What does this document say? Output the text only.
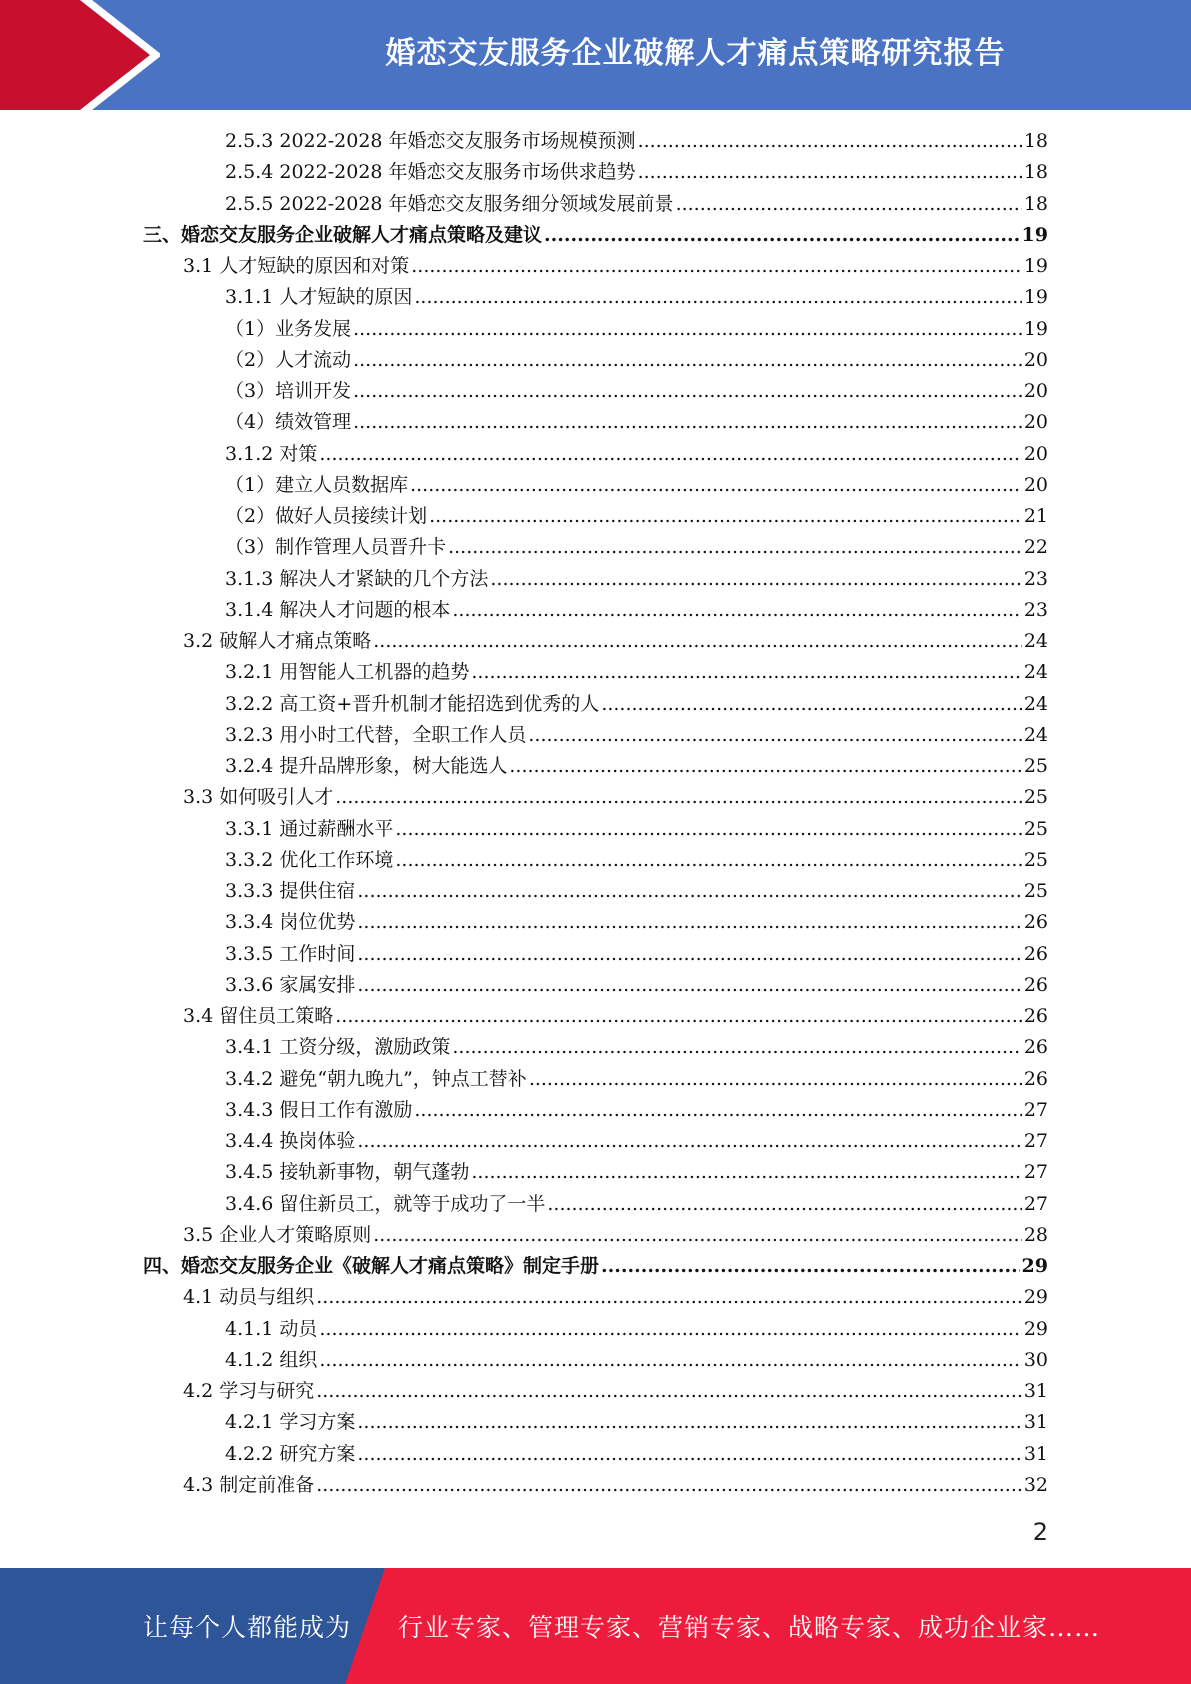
婚恋交友服务企业破解人才痛点策略研究报告
2.5.3 2022-2028 年婚恋交友服务市场规模预测 .....	18
2.5.4 2022-2028 年婚恋交友服务市场供求趋势 .....	18
2.5.5 2022-2028 年婚恋交友服务细分领域发展前景 .....	18
三、婚恋交友服务企业破解人才痛点策略及建议 .....	19
3.1 人才短缺的原因和对策 .....	19
3.1.1 人才短缺的原因 .....	19
（1）业务发展 .....	19
（2）人才流动 .....	20
（3）培训开发 .....	20
（4）绩效管理 .....	20
3.1.2 对策 .....	20
（1）建立人员数据库 .....	20
（2）做好人员接续计划 .....	21
（3）制作管理人员晋升卡 .....	22
3.1.3 解决人才紧缺的几个方法 .....	23
3.1.4 解决人才问题的根本 .....	23
3.2 破解人才痛点策略 .....	24
3.2.1 用智能人工机器的趋势 .....	24
3.2.2 高工资+晋升机制才能招选到优秀的人 .....	24
3.2.3 用小时工代替，全职工作人员 .....	24
3.2.4 提升品牌形象，树大能选人 .....	25
3.3 如何吸引人才 .....	25
3.3.1 通过薪酬水平 .....	25
3.3.2 优化工作环境 .....	25
3.3.3 提供住宿 .....	25
3.3.4 岗位优势 .....	26
3.3.5 工作时间 .....	26
3.3.6 家属安排 .....	26
3.4 留住员工策略 .....	26
3.4.1 工资分级，激励政策 .....	26
3.4.2 避免“朝九晚九”，钟点工替补 .....	26
3.4.3 假日工作有激励 .....	27
3.4.4 换岗体验 .....	27
3.4.5 接轨新事物，朝气蓬勃 .....	27
3.4.6 留住新员工，就等于成功了一半 .....	27
3.5 企业人才策略原则 .....	28
四、婚恋交友服务企业《破解人才痛点策略》制定手册 .....	29
4.1 动员与组织 .....	29
4.1.1 动员 .....	29
4.1.2 组织 .....	30
4.2 学习与研究 .....	31
4.2.1 学习方案 .....	31
4.2.2 研究方案 .....	31
4.3 制定前准备 .....	32
2
让每个人都能成为 行业专家、管理专家、营销专家、战略专家、成功企业家……
